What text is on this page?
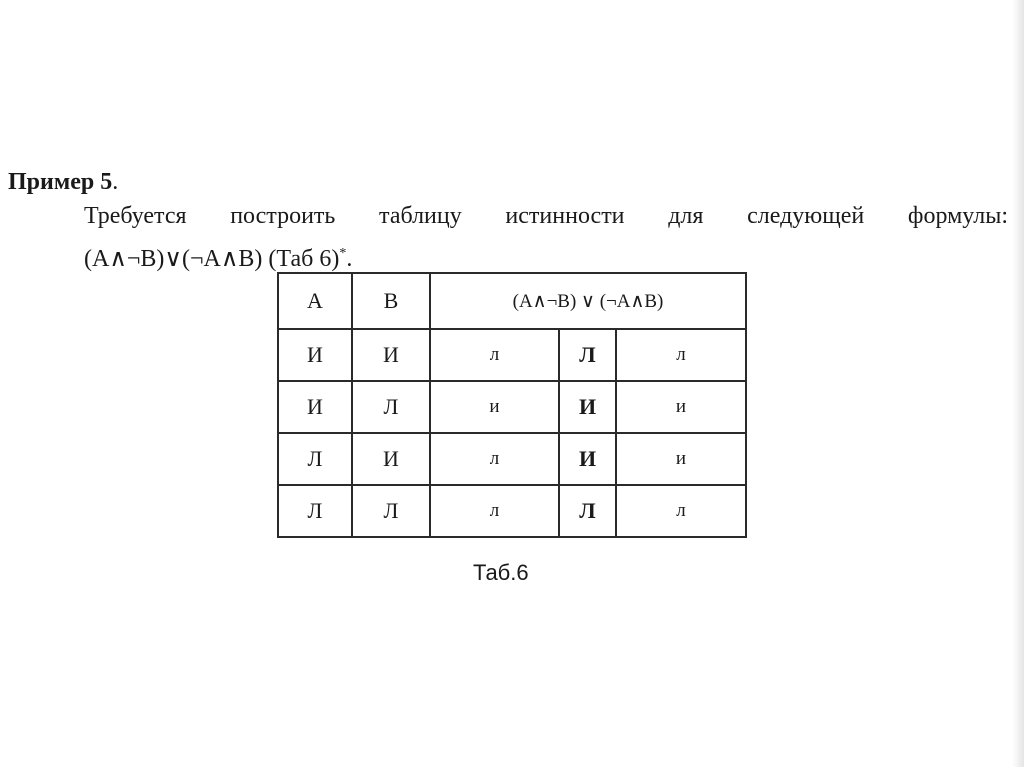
Пример 5.
Требуется построить таблицу истинности для следующей формулы:
(A∧¬B)∨(¬A∧B) (Таб 6)*.
А	В	(A∧¬B) ∨ (¬A∧B)		
И	И	л	Л	л
И	Л	и	И	и
Л	И	л	И	и
Л	Л	л	Л	л
Таб.6
